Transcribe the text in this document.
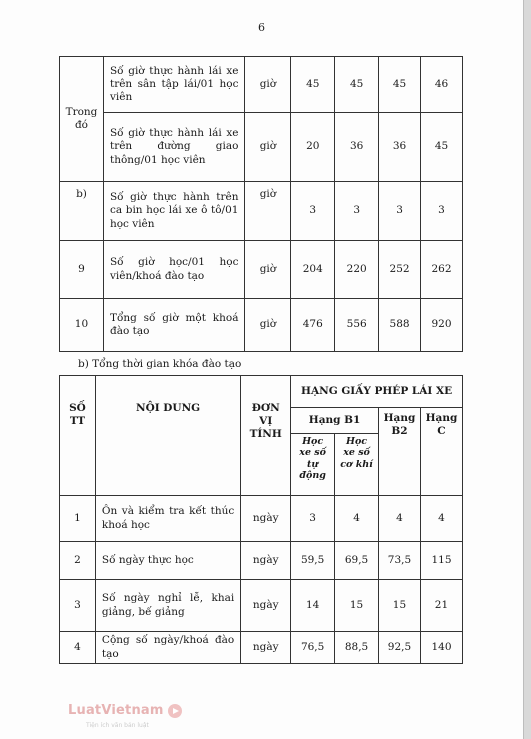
6
Trong đó	Số giờ thực hành lái xe trên sân tập lái/01 học viên	giờ	45	45	45	46
	Số giờ thực hành lái xe trên đường giao thông/01 học viên	giờ	20	36	36	45
b)	Số giờ thực hành trên ca bin học lái xe ô tô/01 học viên	giờ	3	3	3	3
9	Số giờ học/01 học viên/khoá đào tạo	giờ	204	220	252	262
10	Tổng số giờ một khoá đào tạo	giờ	476	556	588	920
b) Tổng thời gian khóa đào tạo
SỐ TT	NỘI DUNG	ĐƠN VỊ TÍNH	HẠNG GIẤY PHÉP LÁI XE			
			Hạng B1		Hạng B2	Hạng C
			Học xe số tự động	Học xe số cơ khí		
1	Ôn và kiểm tra kết thúc khoá học	ngày	3	4	4	4
2	Số ngày thực học	ngày	59,5	69,5	73,5	115
3	Số ngày nghỉ lễ, khai giảng, bế giảng	ngày	14	15	15	21
4	Cộng số ngày/khoá đào tạo	ngày	76,5	88,5	92,5	140
LuatVietnam
Tiện ích văn bản luật
